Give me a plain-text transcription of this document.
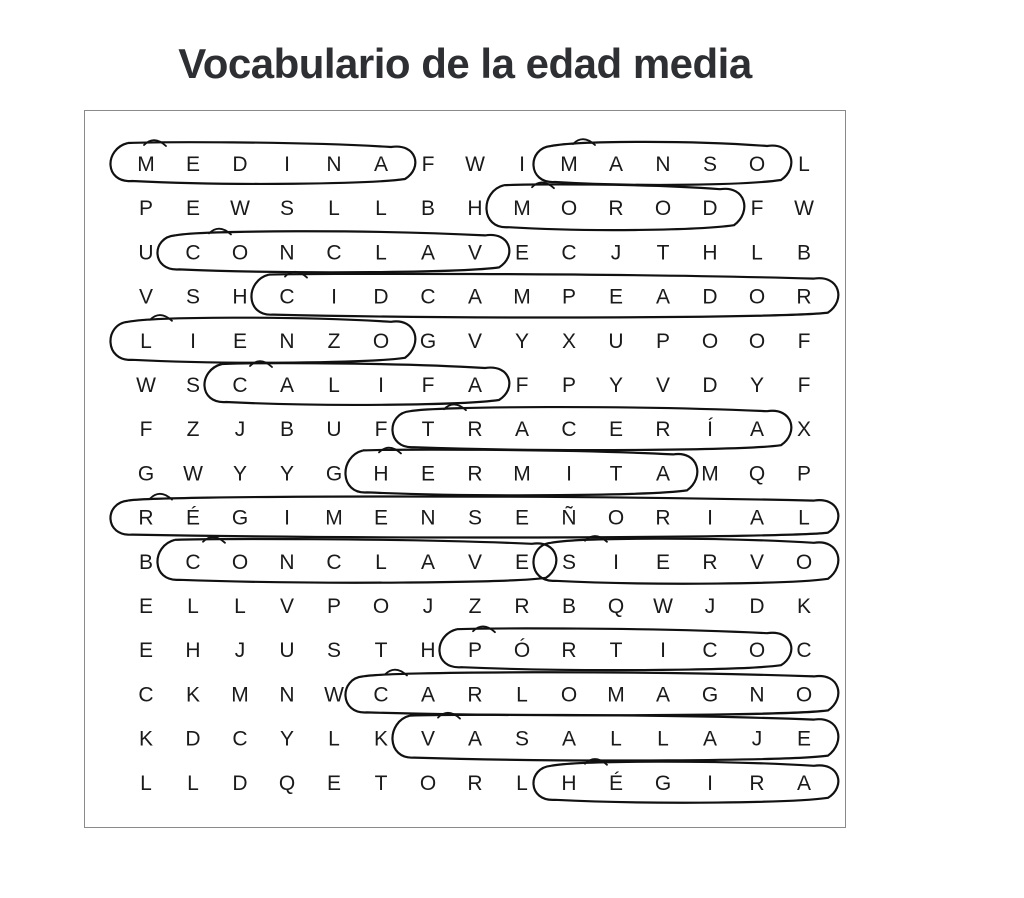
Vocabulario de la edad media
M E D I N A F W I M A N S O L
P E W S L L B H M O R O D F W
U C O N C L A V E C J T H L B
V S H C I D C A M P E A D O R
L I E N Z O G V Y X U P O O F
W S C A L I F A F P Y V D Y F
F Z J B U F T R A C E R Í A X
G W Y Y G H E R M I T A M Q P
R É G I M E N S E Ñ O R I A L
B C O N C L A V E S I E R V O
E L L V P O J Z R B Q W J D K
E H J U S T H P Ó R T I C O C
C K M N W C A R L O M A G N O
K D C Y L K V A S A L L A J E
L L D Q E T O R L H É G I R A
